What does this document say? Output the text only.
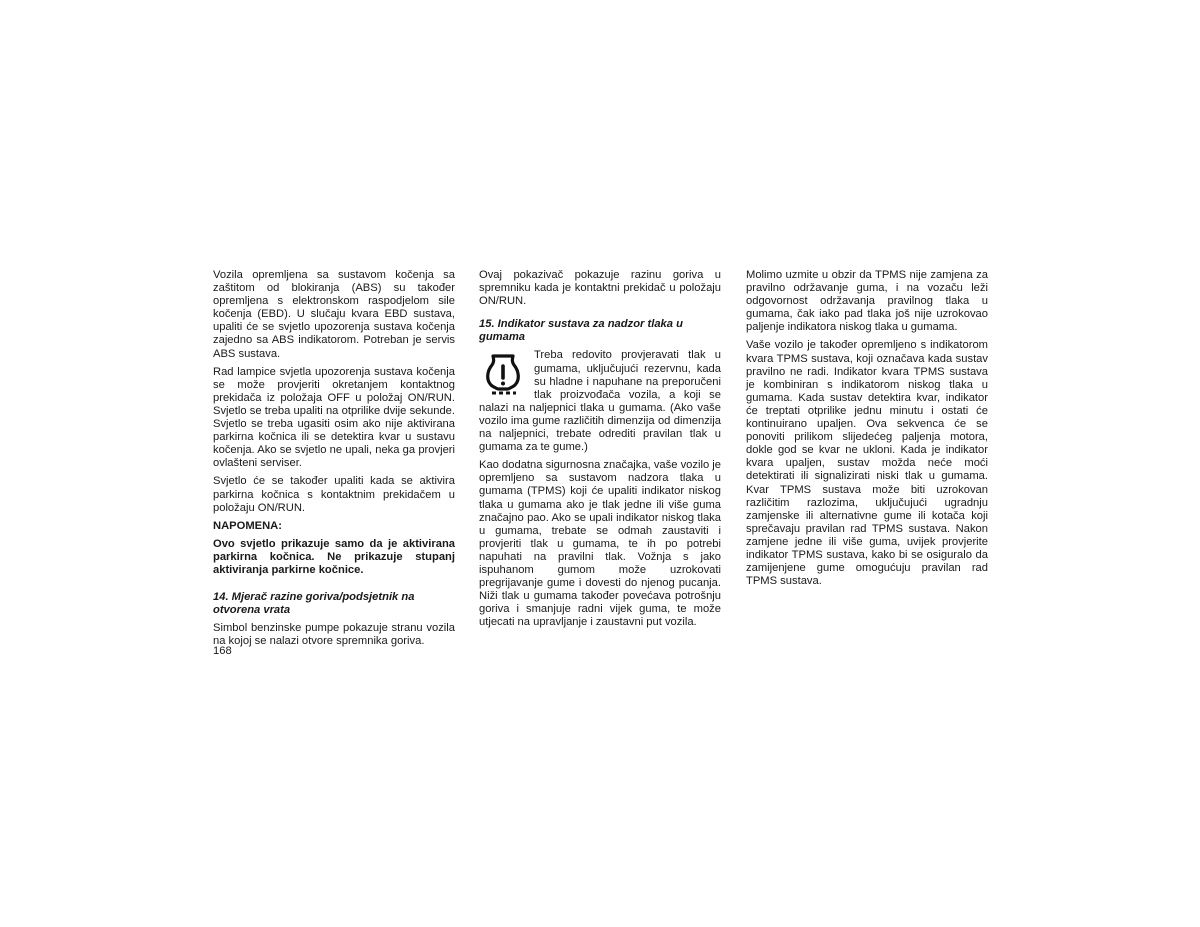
Vozila opremljena sa sustavom kočenja sa zaštitom od blokiranja (ABS) su također opremljena s elektronskom raspodjelom sile kočenja (EBD). U slučaju kvara EBD sustava, upaliti će se svjetlo upozorenja sustava kočenja zajedno sa ABS indikatorom. Potreban je servis ABS sustava.

Rad lampice svjetla upozorenja sustava kočenja se može provjeriti okretanjem kontaktnog prekidača iz položaja OFF u položaj ON/RUN. Svjetlo se treba upaliti na otprilike dvije sekunde. Svjetlo se treba ugasiti osim ako nije aktivirana parkirna kočnica ili se detektira kvar u sustavu kočenja. Ako se svjetlo ne upali, neka ga provjeri ovlašteni serviser.

Svjetlo će se također upaliti kada se aktivira parkirna kočnica s kontaktnim prekidačem u položaju ON/RUN.

NAPOMENA:

Ovo svjetlo prikazuje samo da je aktivirana parkirna kočnica. Ne prikazuje stupanj aktiviranja parkirne kočnice.

14. Mjerač razine goriva/podsjetnik na otvorena vrata

Simbol benzinske pumpe pokazuje stranu vozila na kojoj se nalazi otvore spremnika goriva.

Ovaj pokazivač pokazuje razinu goriva u spremniku kada je kontaktni prekidač u položaju ON/RUN.

15. Indikator sustava za nadzor tlaka u gumama

Treba redovito provjeravati tlak u gumama, uključujući rezervnu, kada su hladne i napuhane na preporučeni tlak proizvođača vozila, a koji se nalazi na naljepnici tlaka u gumama. (Ako vaše vozilo ima gume različitih dimenzija od dimenzija na naljepnici, trebate odrediti pravilan tlak u gumama za te gume.)

Kao dodatna sigurnosna značajka, vaše vozilo je opremljeno sa sustavom nadzora tlaka u gumama (TPMS) koji će upaliti indikator niskog tlaka u gumama ako je tlak jedne ili više guma značajno pao. Ako se upali indikator niskog tlaka u gumama, trebate se odmah zaustaviti i provjeriti tlak u gumama, te ih po potrebi napuhati na pravilni tlak. Vožnja s jako ispuhanom gumom može uzrokovati pregrijavanje gume i dovesti do njenog pucanja. Niži tlak u gumama također povećava potrošnju goriva i smanjuje radni vijek guma, te može utjecati na upravljanje i zaustavni put vozila.

Molimo uzmite u obzir da TPMS nije zamjena za pravilno održavanje guma, i na vozaču leži odgovornost održavanja pravilnog tlaka u gumama, čak iako pad tlaka još nije uzrokovao paljenje indikatora niskog tlaka u gumama.

Vaše vozilo je također opremljeno s indikatorom kvara TPMS sustava, koji označava kada sustav pravilno ne radi. Indikator kvara TPMS sustava je kombiniran s indikatorom niskog tlaka u gumama. Kada sustav detektira kvar, indikator će treptati otprilike jednu minutu i ostati će kontinuirano upaljen. Ova sekvenca će se ponoviti prilikom slijedećeg paljenja motora, dokle god se kvar ne ukloni. Kada je indikator kvara upaljen, sustav možda neće moći detektirati ili signalizirati niski tlak u gumama. Kvar TPMS sustava može biti uzrokovan različitim razlozima, uključujući ugradnju zamjenske ili alternativne gume ili kotača koji sprečavaju pravilan rad TPMS sustava. Nakon zamjene jedne ili više guma, uvijek provjerite indikator TPMS sustava, kako bi se osiguralo da zamijenjene gume omogućuju pravilan rad TPMS sustava.

168
